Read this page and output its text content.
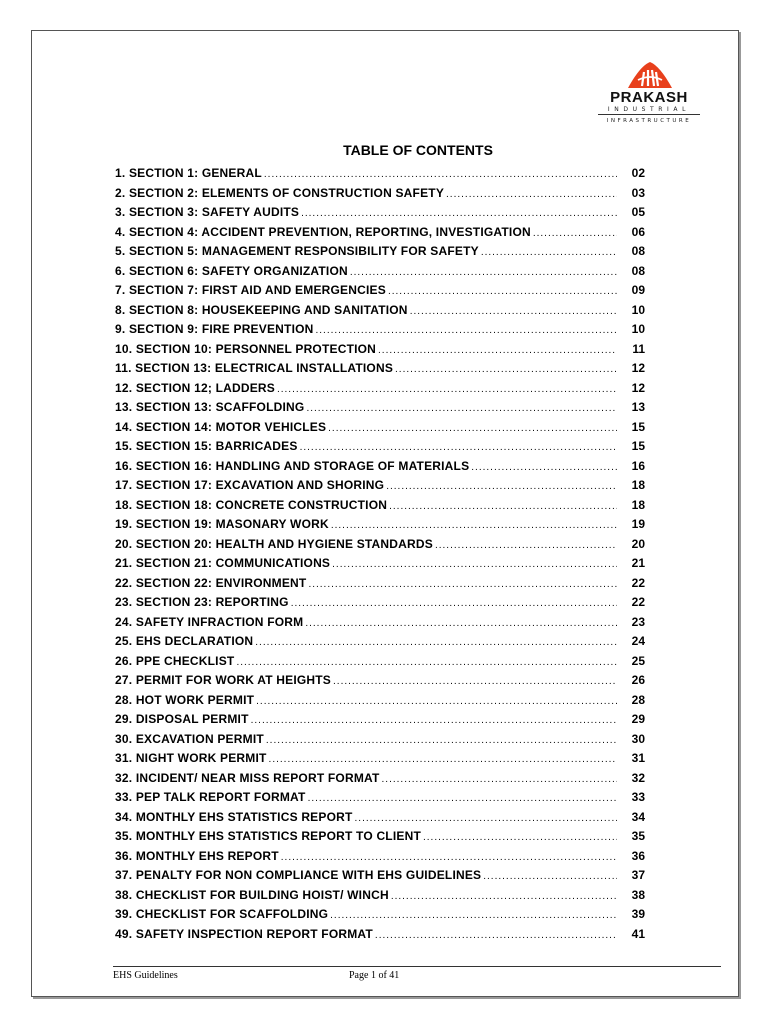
PRAKASH
INDUSTRIAL
INFRASTRUCTURE
TABLE OF CONTENTS
1. SECTION 1: GENERAL .....	02
2. SECTION 2: ELEMENTS OF CONSTRUCTION SAFETY .....	03
3. SECTION 3: SAFETY AUDITS .....	05
4. SECTION 4: ACCIDENT PREVENTION, REPORTING, INVESTIGATION .....	06
5. SECTION 5: MANAGEMENT RESPONSIBILITY FOR SAFETY .....	08
6. SECTION 6: SAFETY ORGANIZATION .....	08
7. SECTION 7: FIRST AID AND EMERGENCIES .....	09
8. SECTION 8: HOUSEKEEPING AND SANITATION .....	10
9. SECTION 9: FIRE PREVENTION .....	10
10. SECTION 10: PERSONNEL PROTECTION .....	11
11. SECTION 13: ELECTRICAL INSTALLATIONS .....	12
12. SECTION 12; LADDERS .....	12
13. SECTION 13: SCAFFOLDING .....	13
14. SECTION 14: MOTOR VEHICLES .....	15
15. SECTION 15: BARRICADES .....	15
16. SECTION 16: HANDLING AND STORAGE OF MATERIALS .....	16
17. SECTION 17: EXCAVATION AND SHORING .....	18
18. SECTION 18: CONCRETE CONSTRUCTION .....	18
19. SECTION 19: MASONARY WORK .....	19
20. SECTION 20: HEALTH AND HYGIENE STANDARDS .....	20
21. SECTION 21: COMMUNICATIONS .....	21
22. SECTION 22: ENVIRONMENT .....	22
23. SECTION 23: REPORTING .....	22
24. SAFETY INFRACTION FORM .....	23
25. EHS DECLARATION .....	24
26. PPE CHECKLIST .....	25
27. PERMIT FOR WORK AT HEIGHTS .....	26
28. HOT WORK PERMIT .....	28
29. DISPOSAL PERMIT .....	29
30. EXCAVATION PERMIT .....	30
31. NIGHT WORK PERMIT .....	31
32. INCIDENT/ NEAR MISS REPORT FORMAT .....	32
33. PEP TALK REPORT FORMAT .....	33
34. MONTHLY EHS STATISTICS REPORT .....	34
35. MONTHLY EHS STATISTICS REPORT TO CLIENT .....	35
36. MONTHLY EHS REPORT .....	36
37. PENALTY FOR NON COMPLIANCE WITH EHS GUIDELINES .....	37
38. CHECKLIST FOR BUILDING HOIST/ WINCH .....	38
39. CHECKLIST FOR SCAFFOLDING .....	39
49. SAFETY INSPECTION REPORT FORMAT .....	41
EHS Guidelines	Page 1 of 41
